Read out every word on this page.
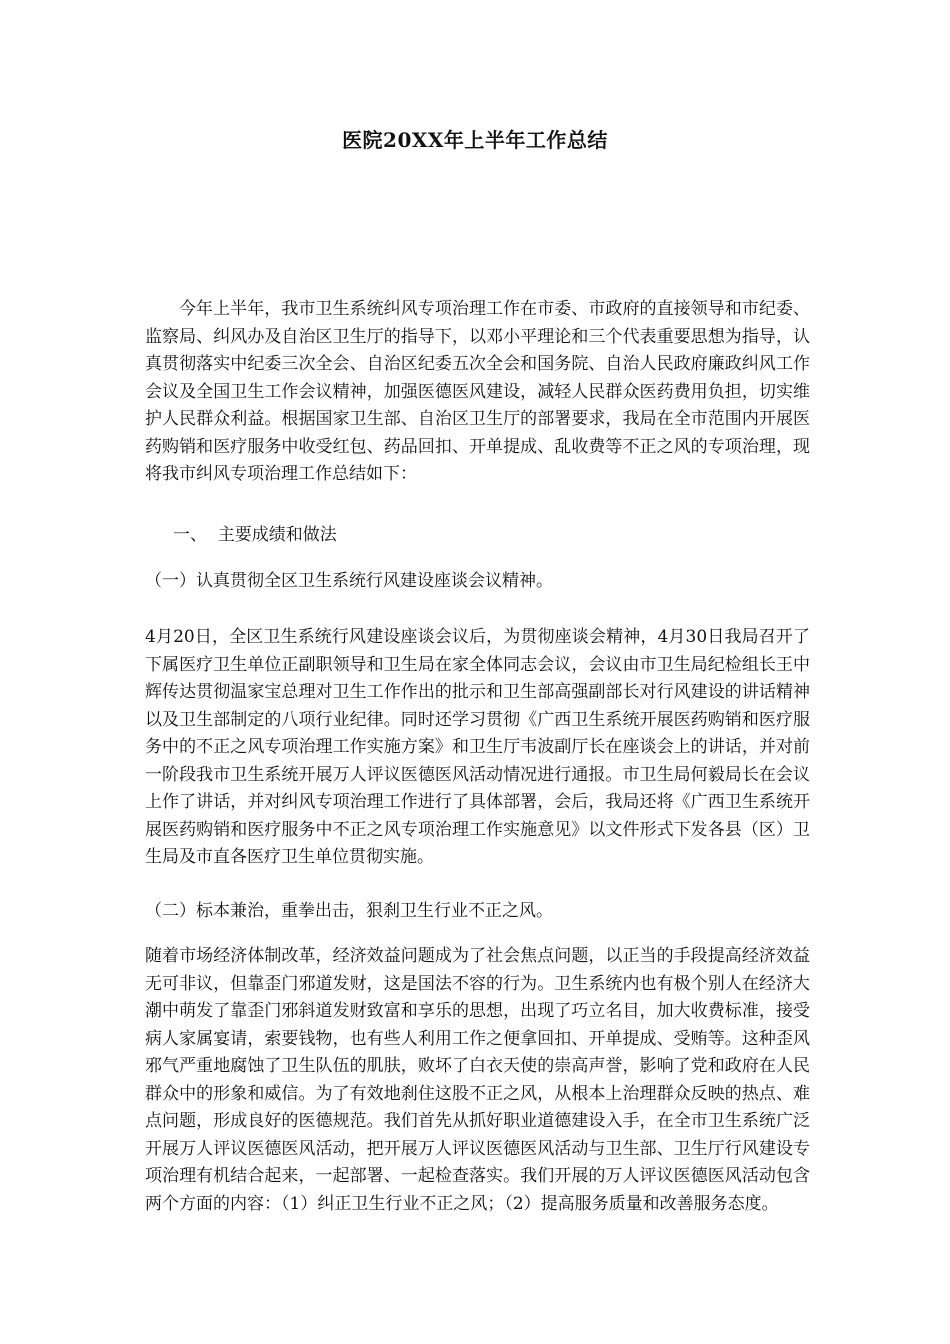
医院20XX年上半年工作总结

今年上半年，我市卫生系统纠风专项治理工作在市委、市政府的直接领导和市纪委、监察局、纠风办及自治区卫生厅的指导下，以邓小平理论和三个代表重要思想为指导，认真贯彻落实中纪委三次全会、自治区纪委五次全会和国务院、自治人民政府廉政纠风工作会议及全国卫生工作会议精神，加强医德医风建设，减轻人民群众医药费用负担，切实维护人民群众利益。根据国家卫生部、自治区卫生厅的部署要求，我局在全市范围内开展医药购销和医疗服务中收受红包、药品回扣、开单提成、乱收费等不正之风的专项治理，现将我市纠风专项治理工作总结如下：

一、  主要成绩和做法
（一）认真贯彻全区卫生系统行风建设座谈会议精神。

4月20日，全区卫生系统行风建设座谈会议后，为贯彻座谈会精神，4月30日我局召开了下属医疗卫生单位正副职领导和卫生局在家全体同志会议，会议由市卫生局纪检组长王中辉传达贯彻温家宝总理对卫生工作作出的批示和卫生部高强副部长对行风建设的讲话精神以及卫生部制定的八项行业纪律。同时还学习贯彻《广西卫生系统开展医药购销和医疗服务中的不正之风专项治理工作实施方案》和卫生厅韦波副厅长在座谈会上的讲话，并对前一阶段我市卫生系统开展万人评议医德医风活动情况进行通报。市卫生局何毅局长在会议上作了讲话，并对纠风专项治理工作进行了具体部署，会后，我局还将《广西卫生系统开展医药购销和医疗服务中不正之风专项治理工作实施意见》以文件形式下发各县（区）卫生局及市直各医疗卫生单位贯彻实施。

（二）标本兼治，重拳出击，狠刹卫生行业不正之风。

随着市场经济体制改革，经济效益问题成为了社会焦点问题，以正当的手段提高经济效益无可非议，但靠歪门邪道发财，这是国法不容的行为。卫生系统内也有极个别人在经济大潮中萌发了靠歪门邪斜道发财致富和享乐的思想，出现了巧立名目，加大收费标准，接受病人家属宴请，索要钱物，也有些人利用工作之便拿回扣、开单提成、受贿等。这种歪风邪气严重地腐蚀了卫生队伍的肌肤，败坏了白衣天使的崇高声誉，影响了党和政府在人民群众中的形象和威信。为了有效地刹住这股不正之风，从根本上治理群众反映的热点、难点问题，形成良好的医德规范。我们首先从抓好职业道德建设入手，在全市卫生系统广泛开展万人评议医德医风活动，把开展万人评议医德医风活动与卫生部、卫生厅行风建设专项治理有机结合起来，一起部署、一起检查落实。我们开展的万人评议医德医风活动包含两个方面的内容：（1）纠正卫生行业不正之风；（2）提高服务质量和改善服务态度。
